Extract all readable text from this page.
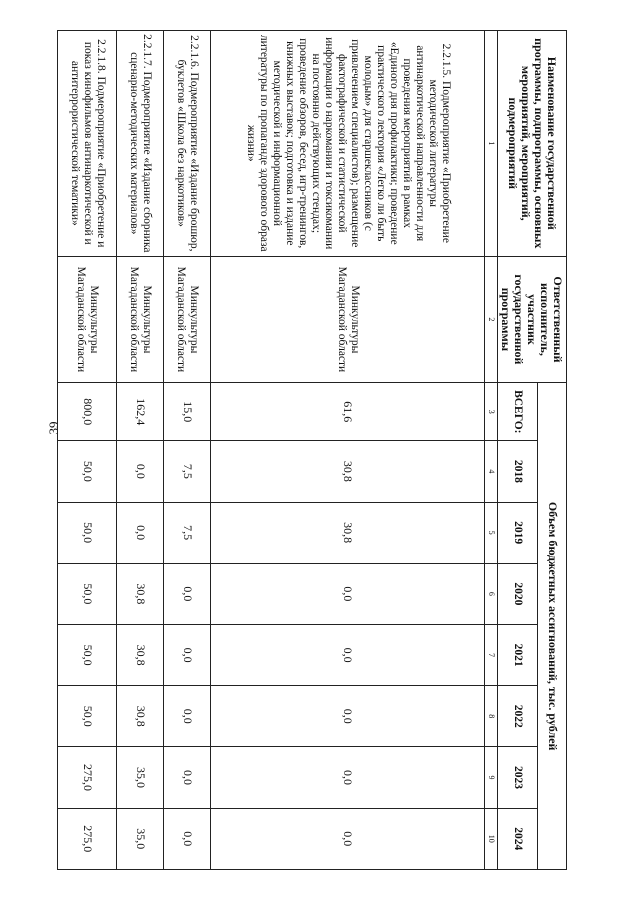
39
Наименование государственной программы, подпрограммы, основных мероприятий, мероприятий, подмероприятий	Ответственный исполнитель, участник государственной программы	Объем бюджетных ассигнований, тыс. рублей							
		ВСЕГО:	2018	2019	2020	2021	2022	2023	2024
1	2	3	4	5	6	7	8	9	10
2.2.1.5. Подмероприятие «Приобретение методической литературы антинаркотической направленности для проведения мероприятий в рамках «Единого дня профилактики; проведение практического лектория «Легко ли быть молодым» для старшеклассников (с привлечением специалистов); размещение фактографической и статистической информации о наркомании и токсикомании на постоянно действующих стендах; проведение обзоров, бесед, игр-тренингов, книжных выставок; подготовка и издание методической и информационной литературы по пропаганде здорового образа жизни»	Минкультуры Магаданской области	61,6	30,8	30,8	0,0	0,0	0,0	0,0	0,0
2.2.1.6. Подмероприятие «Издание брошюр, буклетов «Школа без наркотиков»	Минкультуры Магаданской области	15,0	7,5	7,5	0,0	0,0	0,0	0,0	0,0
2.2.1.7. Подмероприятие «Издание сборника сценарно-методических материалов»	Минкультуры Магаданской области	162,4	0,0	0,0	30,8	30,8	30,8	35,0	35,0
2.2.1.8. Подмероприятие «Приобретение и показ кинофильмов антинаркотической и антитеррористической тематики»	Минкультуры Магаданской области	800,0	50,0	50,0	50,0	50,0	50,0	275,0	275,0
